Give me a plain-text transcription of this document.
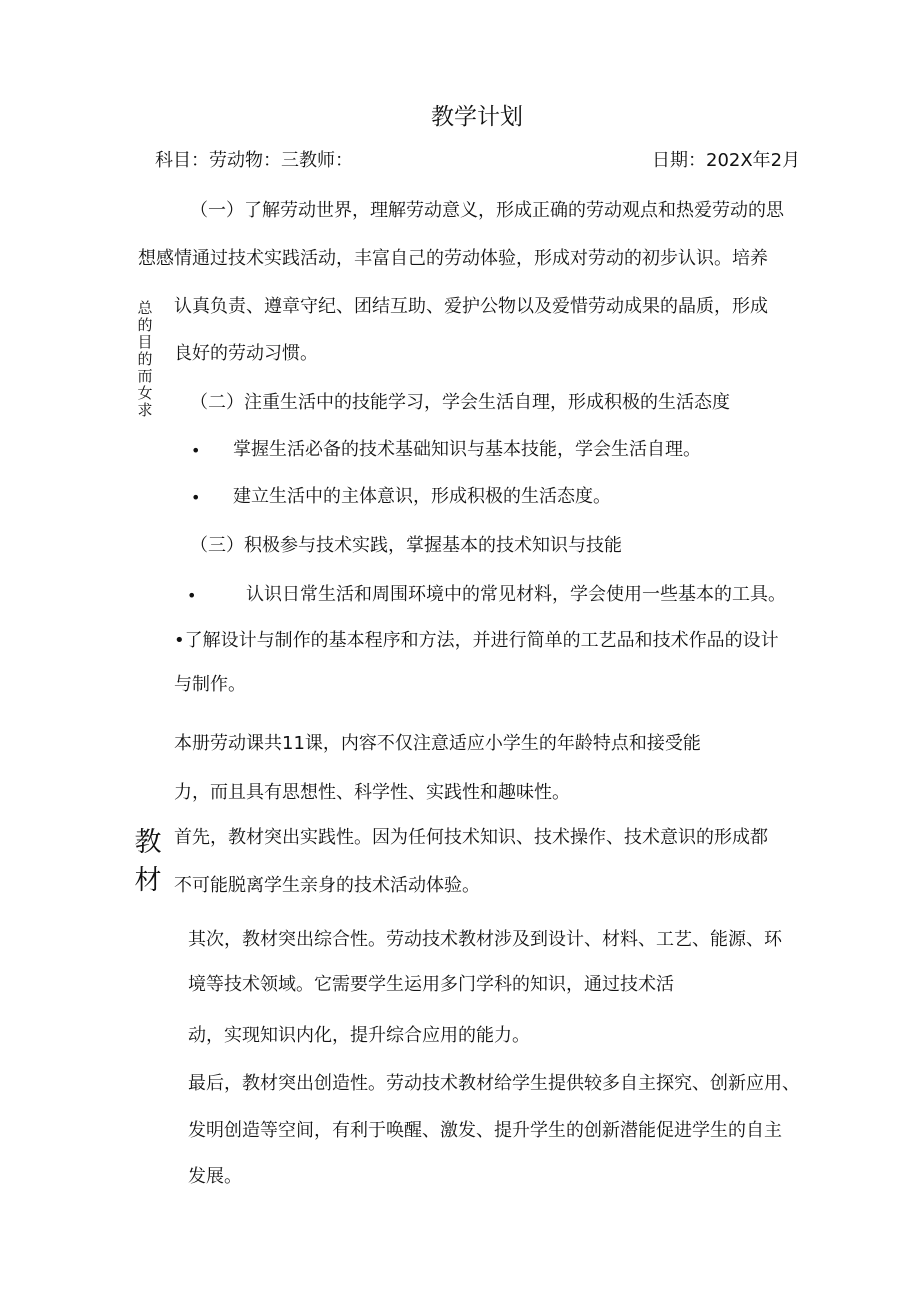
教学计划
科目：劳动物：三教师：	日期：202X年2月
总的目的而女求
（一）了解劳动世界，理解劳动意义，形成正确的劳动观点和热爱劳动的思
想感情通过技术实践活动，丰富自己的劳动体验，形成对劳动的初步认识。培养
认真负责、遵章守纪、团结互助、爱护公物以及爱惜劳动成果的晶质，形成
良好的劳动习惯。
（二）注重生活中的技能学习，学会生活自理，形成积极的生活态度
• 掌握生活必备的技术基础知识与基本技能，学会生活自理。
• 建立生活中的主体意识，形成积极的生活态度。
（三）积极参与技术实践，掌握基本的技术知识与技能
•	认识日常生活和周围环境中的常见材料，学会使用一些基本的工具。
•了解设计与制作的基本程序和方法，并进行简单的工艺品和技术作品的设计
与制作。
本册劳动课共11课，内容不仅注意适应小学生的年龄特点和接受能
力，而且具有思想性、科学性、实践性和趣味性。
教材
首先，教材突出实践性。因为任何技术知识、技术操作、技术意识的形成都
不可能脱离学生亲身的技术活动体验。
其次，教材突出综合性。劳动技术教材涉及到设计、材料、工艺、能源、环
境等技术领域。它需要学生运用多门学科的知识，通过技术活
动，实现知识内化，提升综合应用的能力。
最后，教材突出创造性。劳动技术教材给学生提供较多自主探究、创新应用、
发明创造等空间，有利于唤醒、激发、提升学生的创新潜能促进学生的自主
发展。
